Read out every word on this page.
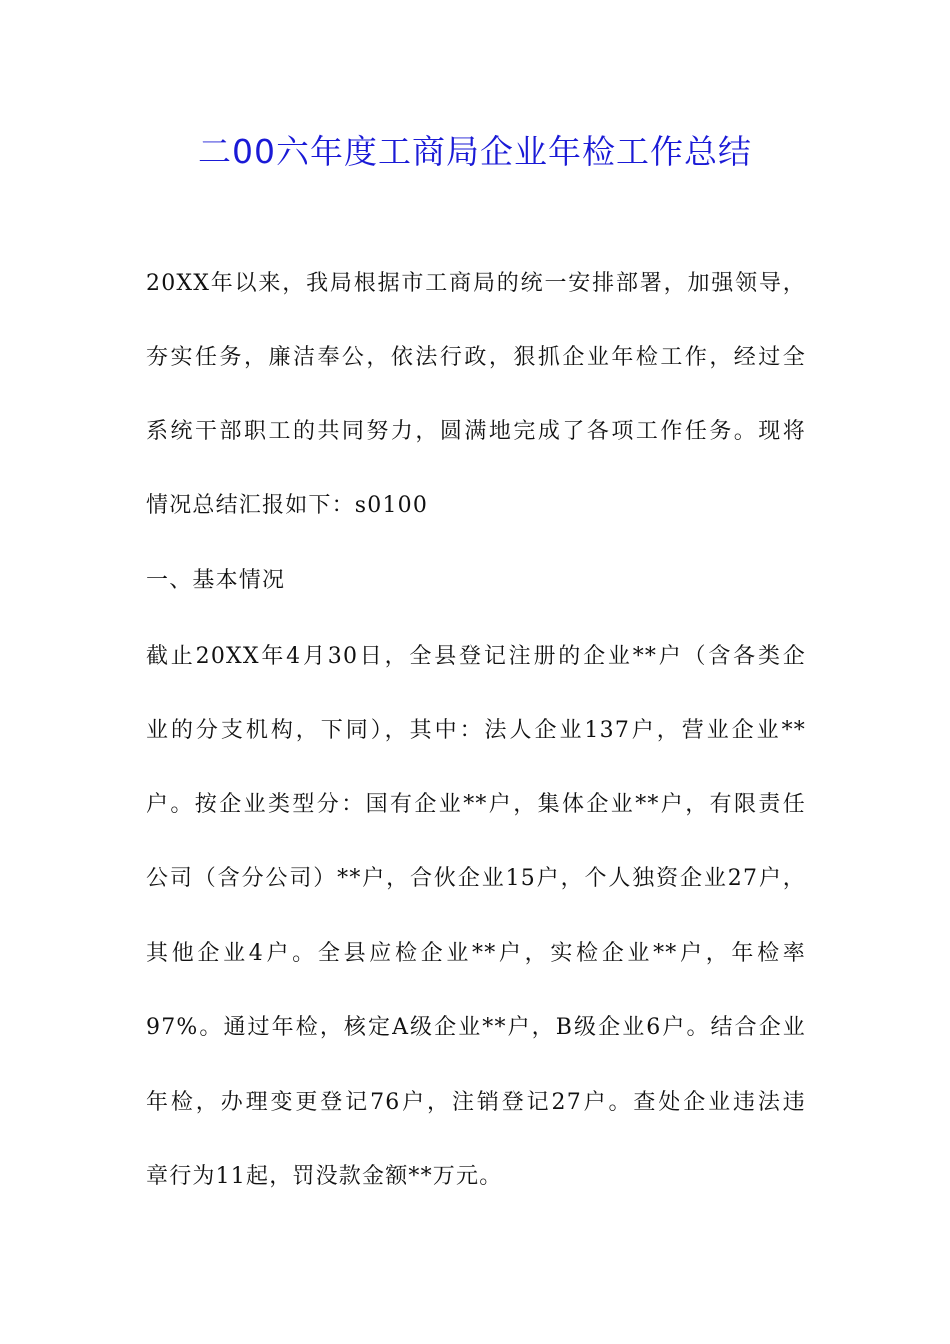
二00六年度工商局企业年检工作总结
20XX年以来，我局根据市工商局的统一安排部署，加强领导，
夯实任务，廉洁奉公，依法行政，狠抓企业年检工作，经过全
系统干部职工的共同努力，圆满地完成了各项工作任务。现将
情况总结汇报如下：s0100
一、基本情况
截止20XX年4月30日，全县登记注册的企业**户（含各类企
业的分支机构，下同），其中：法人企业137户，营业企业**
户。按企业类型分：国有企业**户，集体企业**户，有限责任
公司（含分公司）**户，合伙企业15户，个人独资企业27户，
其他企业4户。全县应检企业**户，实检企业**户，年检率
97%。通过年检，核定A级企业**户，B级企业6户。结合企业
年检，办理变更登记76户，注销登记27户。查处企业违法违
章行为11起，罚没款金额**万元。
